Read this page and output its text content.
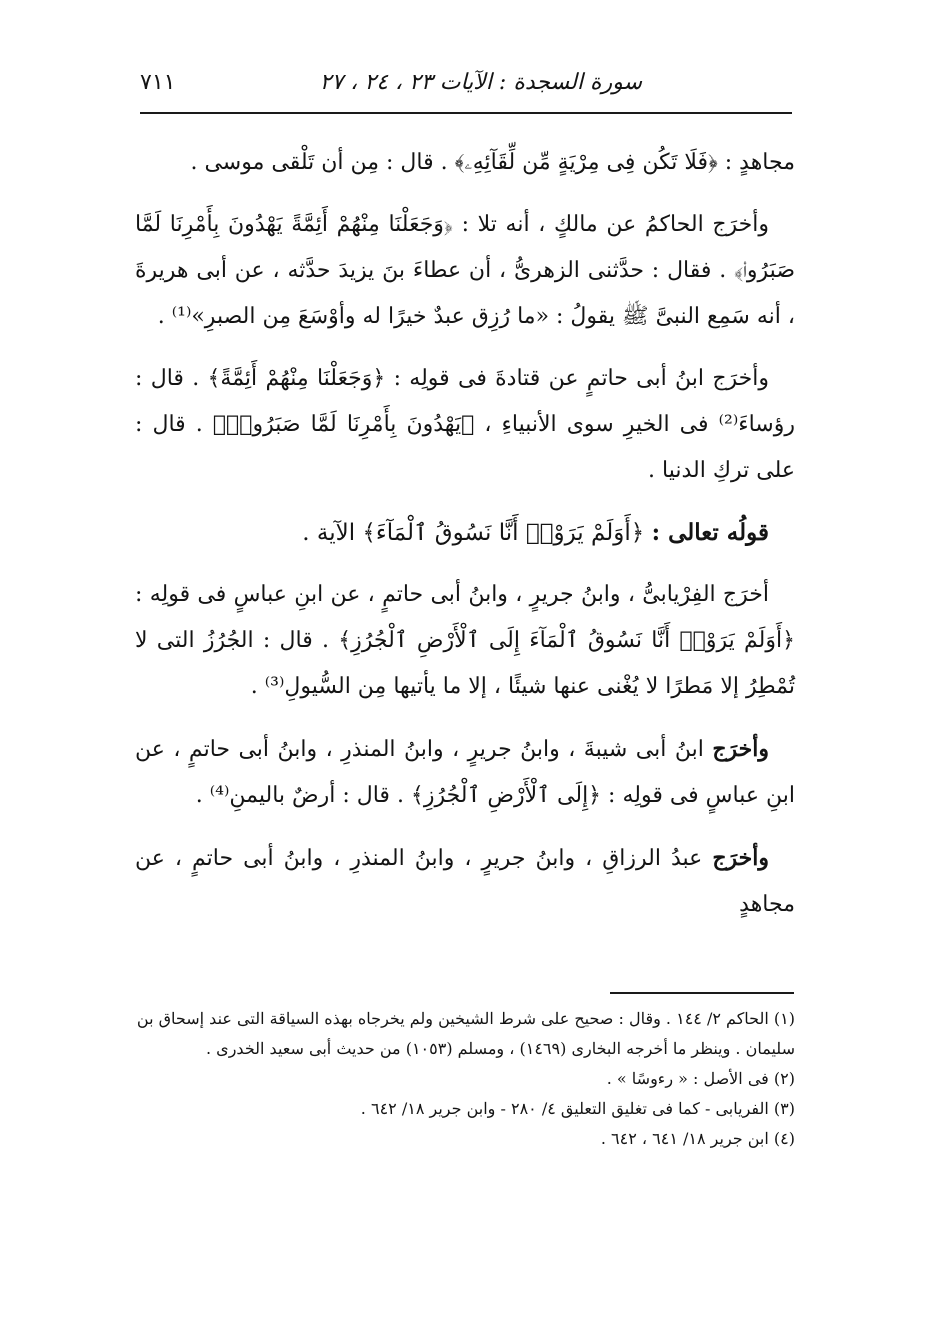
سورة السجدة : الآيات ٢٣ ، ٢٤ ، ٢٧
٧١١

مجاهدٍ : ﴿فَلَا تَكُن فِى مِرْيَةٍ مِّن لِّقَآئِهِۦ﴾ . قال : مِن أن تَلْقى موسى .

وأخرَج الحاكمُ عن مالكٍ ، أنه تلا : ﴿وَجَعَلْنَا مِنْهُمْ أَئِمَّةً يَهْدُونَ بِأَمْرِنَا لَمَّا صَبَرُوا۟﴾ . فقال : حدَّثنى الزهرىُّ ، أن عطاءَ بنَ يزيدَ حدَّثه ، عن أبى هريرةَ ، أنه سَمِع النبىَّ ﷺ يقولُ : «ما رُزِق عبدٌ خيرًا له وأوْسَعَ مِن الصبرِ»⁽¹⁾ .

وأخرَج ابنُ أبى حاتمٍ عن قتادةَ فى قولِه : ﴿وَجَعَلْنَا مِنْهُمْ أَئِمَّةً﴾ . قال : رؤساءَ⁽²⁾ فى الخيرِ سوى الأنبياءِ ، ﴿يَهْدُونَ بِأَمْرِنَا لَمَّا صَبَرُوا۟﴾ . قال : على تركِ الدنيا .

قولُه تعالى : ﴿أَوَلَمْ يَرَوْا۟ أَنَّا نَسُوقُ ٱلْمَآءَ﴾ الآية .

أخرَج الفِرْيابىُّ ، وابنُ جريرٍ ، وابنُ أبى حاتمٍ ، عن ابنِ عباسٍ فى قولِه : ﴿أَوَلَمْ يَرَوْا۟ أَنَّا نَسُوقُ ٱلْمَآءَ إِلَى ٱلْأَرْضِ ٱلْجُرُزِ﴾ . قال : الجُرُزُ التى لا تُمْطِرُ إلا مَطرًا لا يُغْنى عنها شيئًا ، إلا ما يأتيها مِن السُّيولِ⁽³⁾ .

وأخرَج ابنُ أبى شيبةَ ، وابنُ جريرٍ ، وابنُ المنذرِ ، وابنُ أبى حاتمٍ ، عن ابنِ عباسٍ فى قولِه : ﴿إِلَى ٱلْأَرْضِ ٱلْجُرُزِ﴾ . قال : أرضٌ باليمنِ⁽⁴⁾ .

وأخرَج عبدُ الرزاقِ ، وابنُ جريرٍ ، وابنُ المنذرِ ، وابنُ أبى حاتمٍ ، عن مجاهدٍ

(١) الحاكم ٢/ ١٤٤ . وقال : صحيح على شرط الشيخين ولم يخرجاه بهذه السياقة التى عند إسحاق بن
سليمان . وينظر ما أخرجه البخارى (١٤٦٩) ، ومسلم (١٠٥٣) من حديث أبى سعيد الخدرى .

(٢) فى الأصل : « رءوسًا » .

(٣) الفريابى - كما فى تغليق التعليق ٤/ ٢٨٠ - وابن جرير ١٨/ ٦٤٢ .

(٤) ابن جرير ١٨/ ٦٤١ ، ٦٤٢ .
